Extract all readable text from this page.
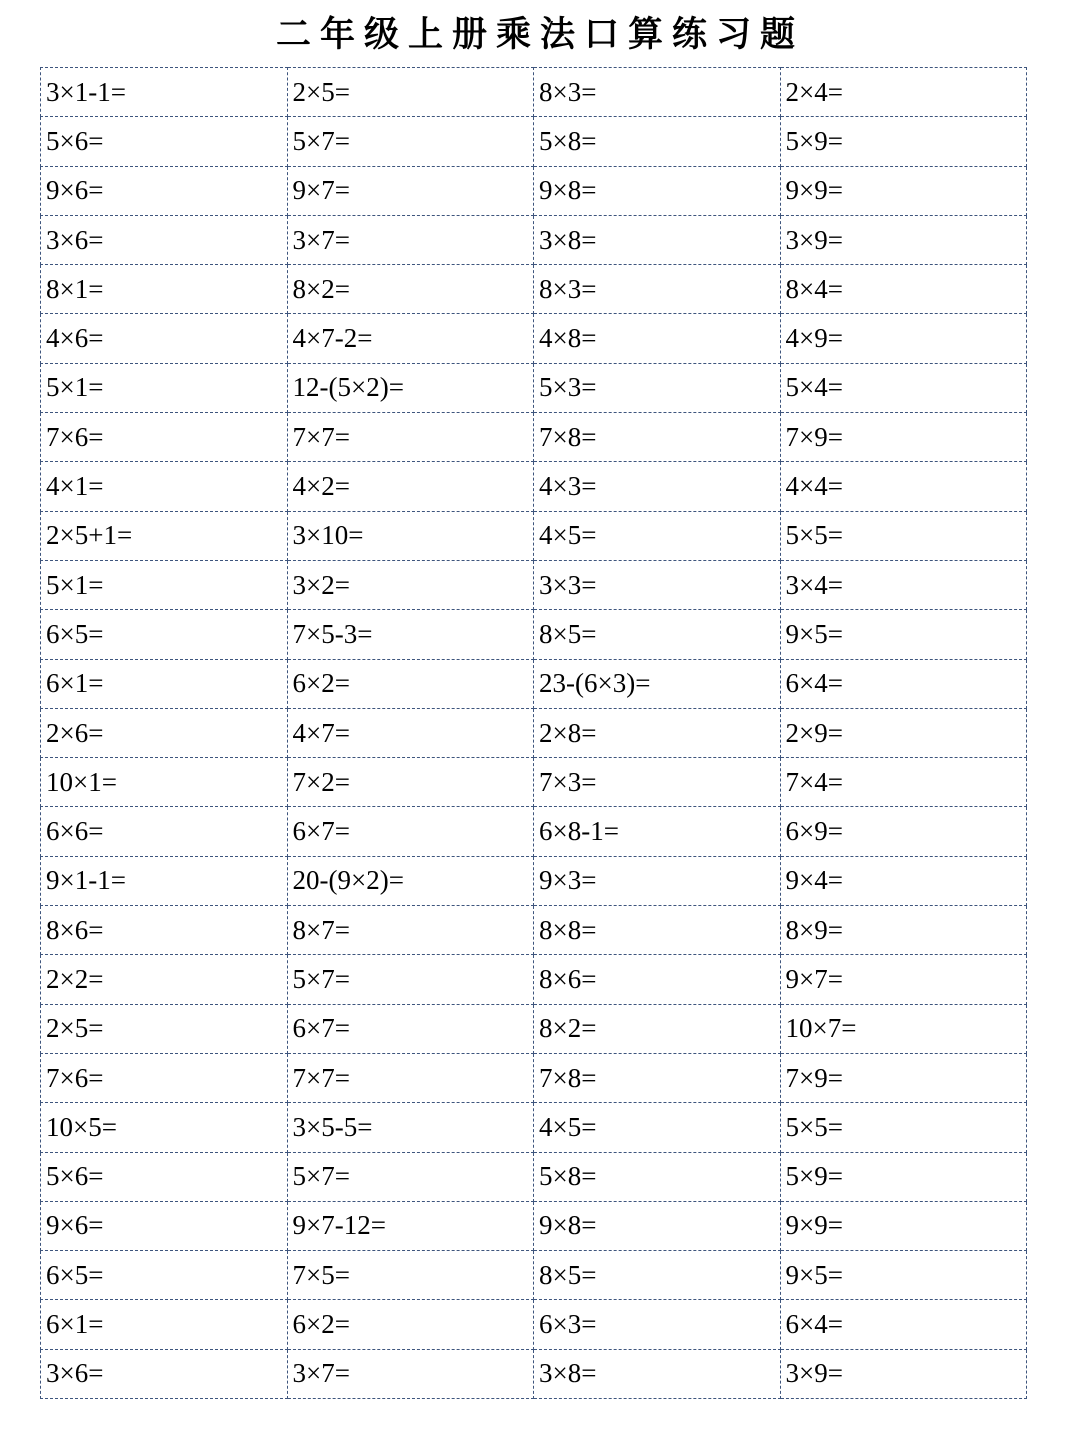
二年级上册乘法口算练习题
3×1-1=	2×5=	8×3=	2×4=
5×6=	5×7=	5×8=	5×9=
9×6=	9×7=	9×8=	9×9=
3×6=	3×7=	3×8=	3×9=
8×1=	8×2=	8×3=	8×4=
4×6=	4×7-2=	4×8=	4×9=
5×1=	12-(5×2)=	5×3=	5×4=
7×6=	7×7=	7×8=	7×9=
4×1=	4×2=	4×3=	4×4=
2×5+1=	3×10=	4×5=	5×5=
5×1=	3×2=	3×3=	3×4=
6×5=	7×5-3=	8×5=	9×5=
6×1=	6×2=	23-(6×3)=	6×4=
2×6=	4×7=	2×8=	2×9=
10×1=	7×2=	7×3=	7×4=
6×6=	6×7=	6×8-1=	6×9=
9×1-1=	20-(9×2)=	9×3=	9×4=
8×6=	8×7=	8×8=	8×9=
2×2=	5×7=	8×6=	9×7=
2×5=	6×7=	8×2=	10×7=
7×6=	7×7=	7×8=	7×9=
10×5=	3×5-5=	4×5=	5×5=
5×6=	5×7=	5×8=	5×9=
9×6=	9×7-12=	9×8=	9×9=
6×5=	7×5=	8×5=	9×5=
6×1=	6×2=	6×3=	6×4=
3×6=	3×7=	3×8=	3×9=
